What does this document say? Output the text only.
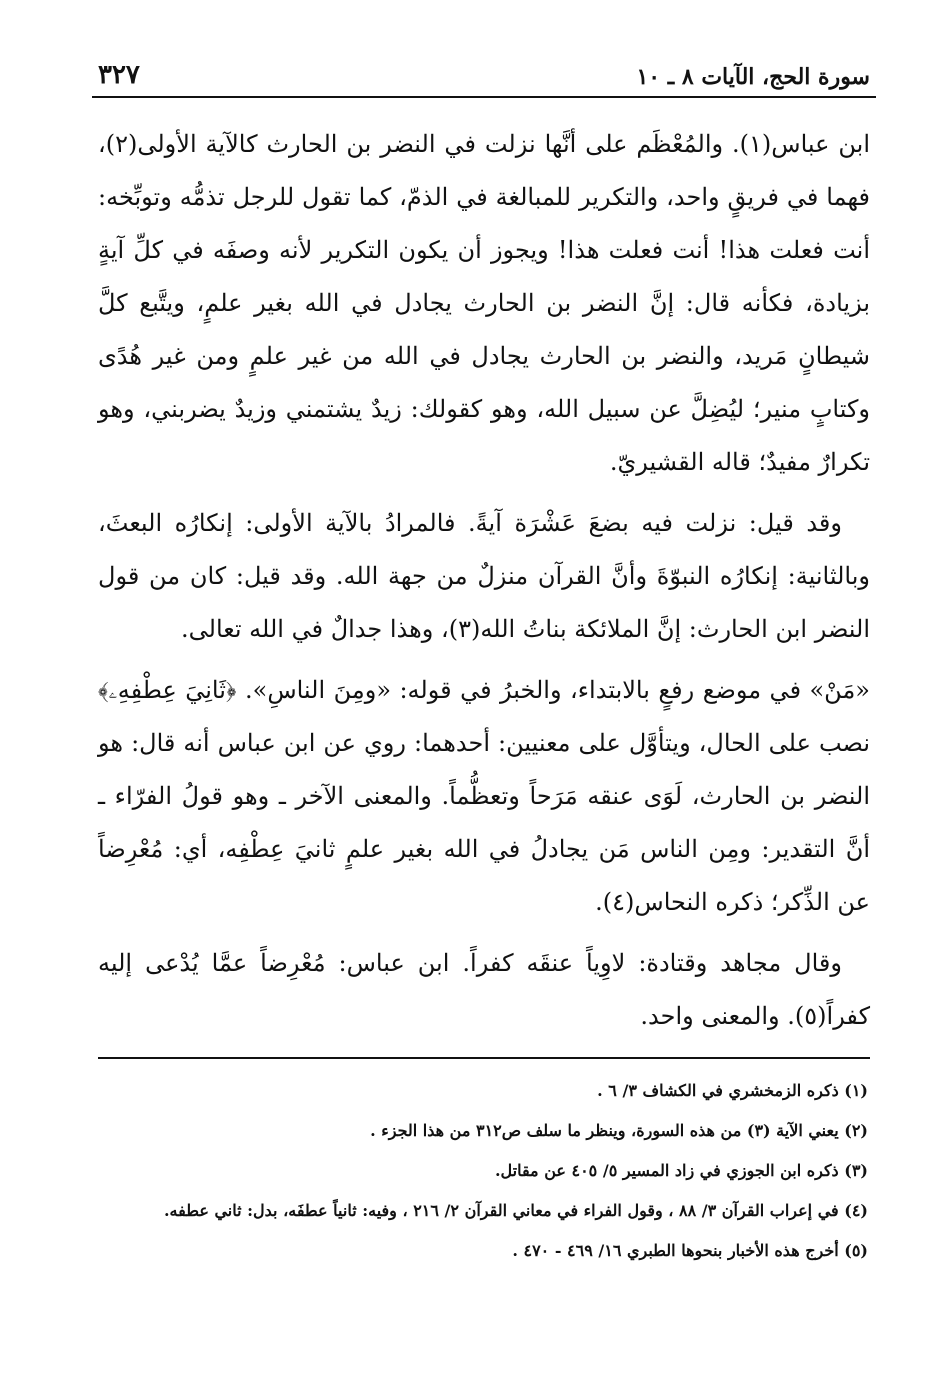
سورة الحج، الآيات ٨ ـ ١٠
٣٢٧

ابن عباس(١). والمُعْظَم على أنَّها نزلت في النضر بن الحارث كالآية الأولى(٢)، فهما في فريقٍ واحد، والتكرير للمبالغة في الذمّ، كما تقول للرجل تذمُّه وتوبِّخه: أنت فعلت هذا! أنت فعلت هذا! ويجوز أن يكون التكرير لأنه وصفَه في كلِّ آيةٍ بزيادة، فكأنه قال: إنَّ النضر بن الحارث يجادل في الله بغير علمٍ، ويتَّبع كلَّ شيطانٍ مَريد، والنضر بن الحارث يجادل في الله من غير علمٍ ومن غير هُدًى وكتابٍ منير؛ ليُضِلَّ عن سبيل الله، وهو كقولك: زيدٌ يشتمني وزيدٌ يضربني، وهو تكرارٌ مفيدٌ؛ قاله القشيريّ.

وقد قيل: نزلت فيه بضعَ عَشْرَة آيةً. فالمرادُ بالآية الأولى: إنكارُه البعثَ، وبالثانية: إنكارُه النبوّةَ وأنَّ القرآن منزلٌ من جهة الله. وقد قيل: كان من قول النضر ابن الحارث: إنَّ الملائكة بناتُ الله(٣)، وهذا جدالٌ في الله تعالى.

«مَنْ» في موضع رفعٍ بالابتداء، والخبرُ في قوله: «ومِنَ الناسِ». ﴿ثَانِيَ عِطْفِهِۦ﴾ نصب على الحال، ويتأوَّل على معنيين: أحدهما: روي عن ابن عباس أنه قال: هو النضر بن الحارث، لَوَى عنقه مَرَحاً وتعظُّماً. والمعنى الآخر ـ وهو قولُ الفرّاء ـ أنَّ التقدير: ومِن الناس مَن يجادلُ في الله بغير علمٍ ثانيَ عِطْفِه، أي: مُعْرِضاً عن الذِّكر؛ ذكره النحاس(٤).

وقال مجاهد وقتادة: لاوِياً عنقَه كفراً. ابن عباس: مُعْرِضاً عمَّا يُدْعى إليه كفراً(٥). والمعنى واحد.

(١) ذكره الزمخشري في الكشاف ٣/ ٦ .

(٢) يعني الآية (٣) من هذه السورة، وينظر ما سلف ص٣١٢ من هذا الجزء .

(٣) ذكره ابن الجوزي في زاد المسير ٥/ ٤٠٥ عن مقاتل.

(٤) في إعراب القرآن ٣/ ٨٨ ، وقول الفراء في معاني القرآن ٢/ ٢١٦ ، وفيه: ثانياً عطفَه، بدل: ثاني عطفه.

(٥) أخرج هذه الأخبار بنحوها الطبري ١٦/ ٤٦٩ - ٤٧٠ .
